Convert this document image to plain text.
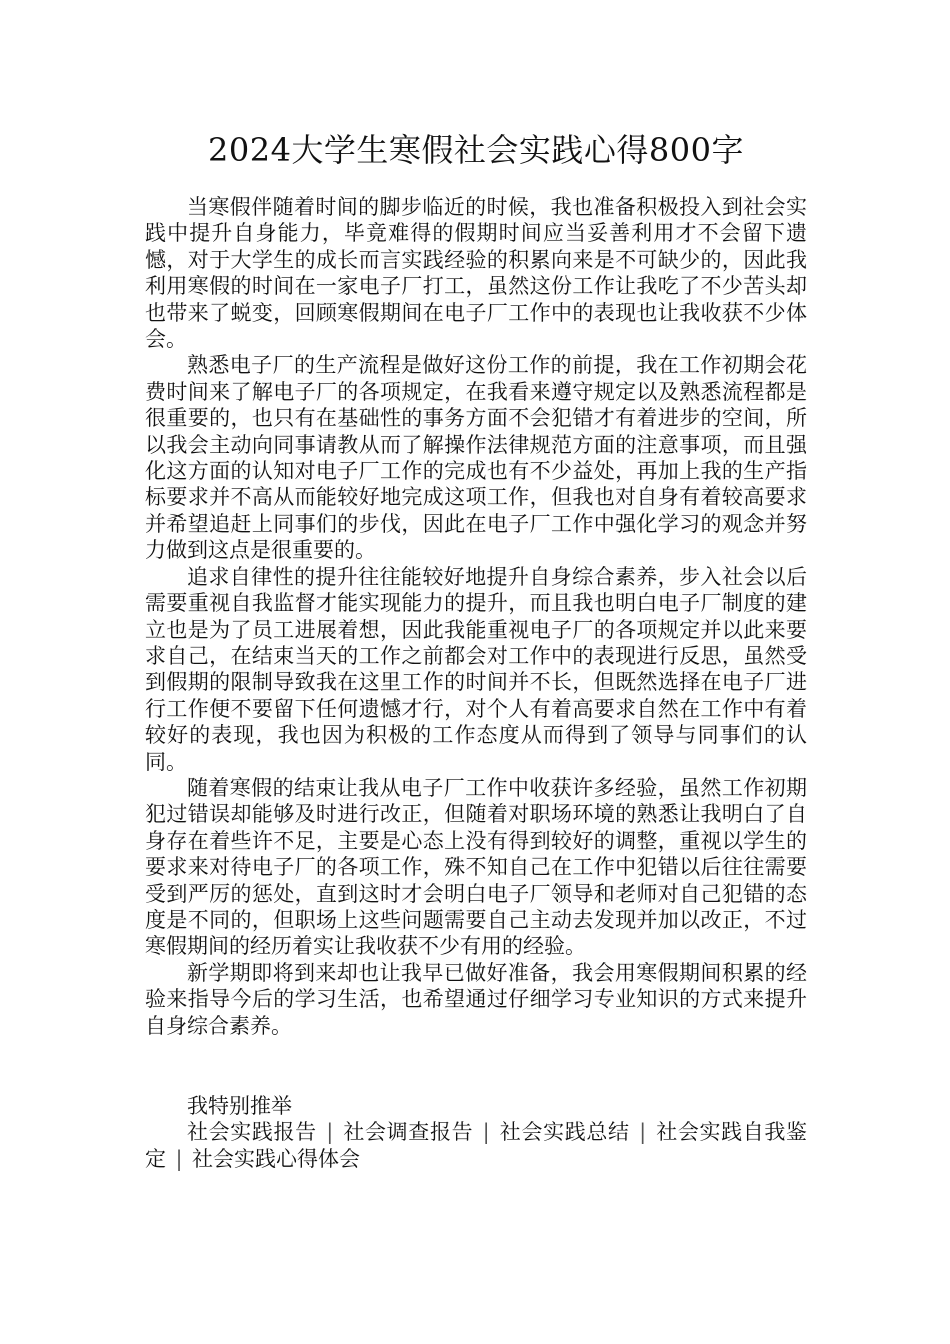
2024大学生寒假社会实践心得800字

当寒假伴随着时间的脚步临近的时候，我也准备积极投入到社会实践中提升自身能力，毕竟难得的假期时间应当妥善利用才不会留下遗憾，对于大学生的成长而言实践经验的积累向来是不可缺少的，因此我利用寒假的时间在一家电子厂打工，虽然这份工作让我吃了不少苦头却也带来了蜕变，回顾寒假期间在电子厂工作中的表现也让我收获不少体会。

熟悉电子厂的生产流程是做好这份工作的前提，我在工作初期会花费时间来了解电子厂的各项规定，在我看来遵守规定以及熟悉流程都是很重要的，也只有在基础性的事务方面不会犯错才有着进步的空间，所以我会主动向同事请教从而了解操作法律规范方面的注意事项，而且强化这方面的认知对电子厂工作的完成也有不少益处，再加上我的生产指标要求并不高从而能较好地完成这项工作，但我也对自身有着较高要求并希望追赶上同事们的步伐，因此在电子厂工作中强化学习的观念并努力做到这点是很重要的。

追求自律性的提升往往能较好地提升自身综合素养，步入社会以后需要重视自我监督才能实现能力的提升，而且我也明白电子厂制度的建立也是为了员工进展着想，因此我能重视电子厂的各项规定并以此来要求自己，在结束当天的工作之前都会对工作中的表现进行反思，虽然受到假期的限制导致我在这里工作的时间并不长，但既然选择在电子厂进行工作便不要留下任何遗憾才行，对个人有着高要求自然在工作中有着较好的表现，我也因为积极的工作态度从而得到了领导与同事们的认同。

随着寒假的结束让我从电子厂工作中收获许多经验，虽然工作初期犯过错误却能够及时进行改正，但随着对职场环境的熟悉让我明白了自身存在着些许不足，主要是心态上没有得到较好的调整，重视以学生的要求来对待电子厂的各项工作，殊不知自己在工作中犯错以后往往需要受到严厉的惩处，直到这时才会明白电子厂领导和老师对自己犯错的态度是不同的，但职场上这些问题需要自己主动去发现并加以改正，不过寒假期间的经历着实让我收获不少有用的经验。

新学期即将到来却也让我早已做好准备，我会用寒假期间积累的经验来指导今后的学习生活，也希望通过仔细学习专业知识的方式来提升自身综合素养。

我特别推举

社会实践报告 | 社会调查报告 | 社会实践总结 | 社会实践自我鉴定 | 社会实践心得体会
